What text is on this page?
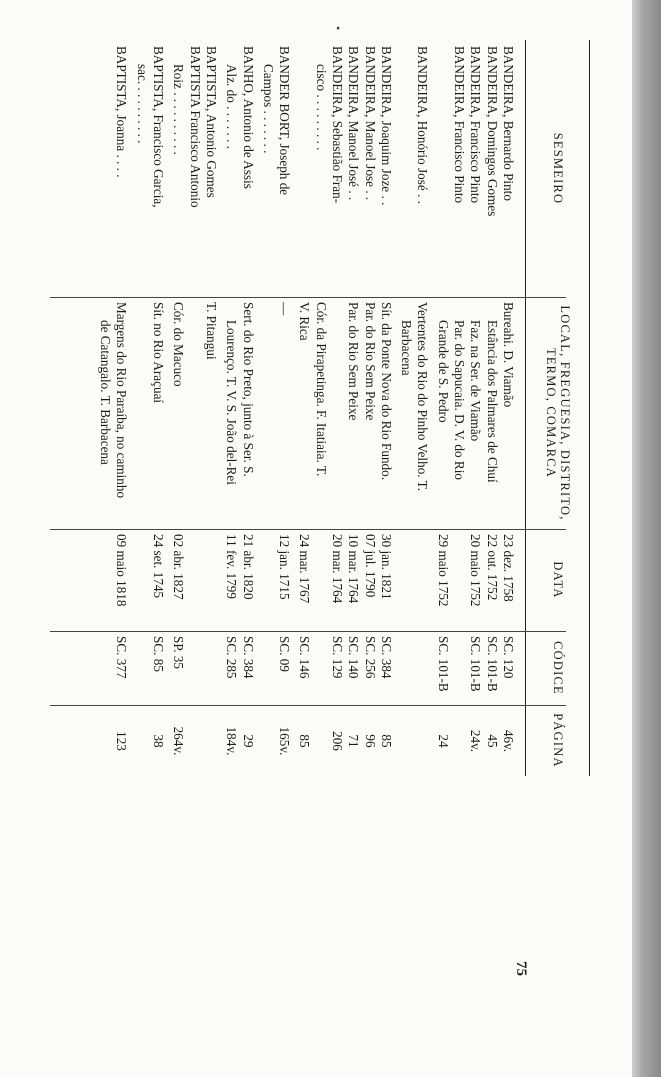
SESMEIRO
LOCAL, FREGUESIA, DISTRITO,
TERMO, COMARCA
DATA
CÓDICE
PÁGINA
BANDEIRA, Bernardo Pinto
BANDEIRA, Domingos Gomes
BANDEIRA, Francisco Pinto
BANDEIRA, Francisco Pinto
Bureahi. D. Viamão
Estância dos Palmares de Chuí
Faz. na Ser. de Viamão
Par. do Sapucaia. D. V. do Rio
Grande de S. Pedro
23 dez. 1758
22 out. 1752
20 maio 1752

29 maio 1752
SC. 120
SC. 101-B
SC. 101-B

SC. 101-B
46v.
45
24v.

24
BANDEIRA, Honório José . .
Vertentes do Rio do Pinho Velho. T.
Barbacena
BANDEIRA, Joaquim Joze . .
BANDEIRA, Manoel Jose . .
BANDEIRA, Manoel José . .
BANDEIRA, Sebastião Fran-
cisco . . . . . . . . .
Sít. da Ponte Nova do Rio Fundo.
Par. do Rio Sem Peixe
Par. do Rio Sem Peixe

Cór. da Pirapetinga. F. Itatiaia. T.
V. Rica
30 jan. 1821
07 jul. 1790
10 mar. 1764
20 mar. 1764

24 mar. 1767
SC. 384
SC. 256
SC. 140
SC. 129

SC. 146
85
96
71
206

85
•
BANDER BORT, Joseph de
Campos . . . . . . .
—
12 jan. 1715
SC. 09
165v.
BANHO, Antonio de Assis
Alz. do . . . . . . .
Sert. do Rio Preto, junto à Ser. S.
Lourenço. T. V. S. João del-Rei
21 abr. 1820
11 fev. 1799
SC. 384
SC. 285
29
184v.
BAPTISTA, Antonio Gomes
BAPTISTA Francisco Antonio
Roiz . . . . . . . . . .
T. Pitangui

Cór. do Macuco

02 abr. 1827

SP. 35

264v.
BAPTISTA, Francisco Garcia,
sac. . . . . . . . . .
Sít. no Rio Araçuaí
24 set. 1745
SC. 85
38
BAPTISTA, Joanna . . . .
Margens do Rio Paraíba, no caminho
de Catangalo. T. Barbacena
09 maio 1818
SC. 377
123
75
